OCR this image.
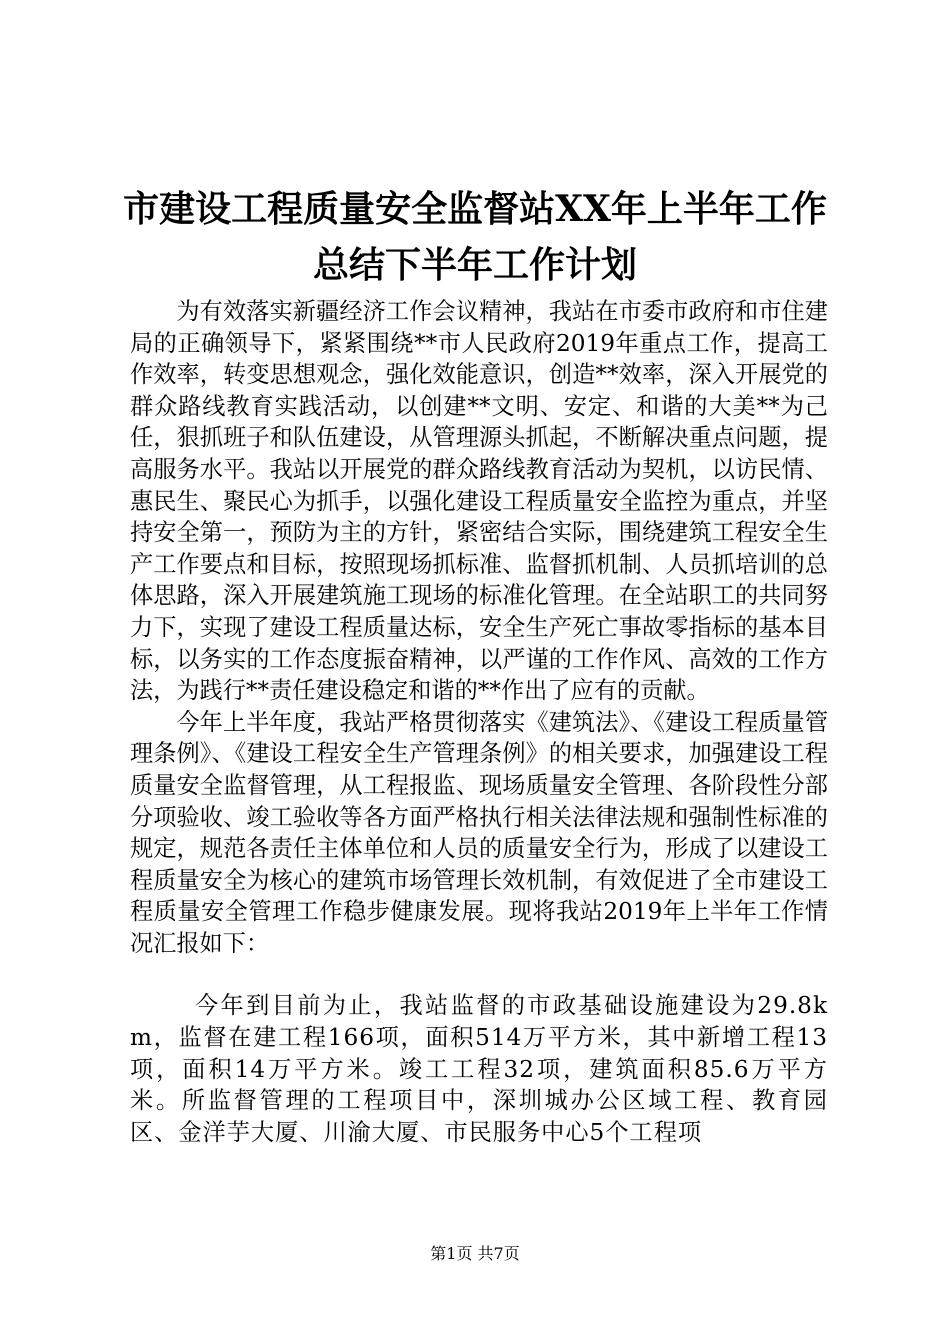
市建设工程质量安全监督站XX年上半年工作
总结下半年工作计划

为有效落实新疆经济工作会议精神，我站在市委市政府和市住建局的正确领导下，紧紧围绕**市人民政府2019年重点工作，提高工作效率，转变思想观念，强化效能意识，创造**效率，深入开展党的群众路线教育实践活动，以创建**文明、安定、和谐的大美**为己任，狠抓班子和队伍建设，从管理源头抓起，不断解决重点问题，提高服务水平。我站以开展党的群众路线教育活动为契机，以访民情、惠民生、聚民心为抓手，以强化建设工程质量安全监控为重点，并坚持安全第一，预防为主的方针，紧密结合实际，围绕建筑工程安全生产工作要点和目标，按照现场抓标准、监督抓机制、人员抓培训的总体思路，深入开展建筑施工现场的标准化管理。在全站职工的共同努力下，实现了建设工程质量达标，安全生产死亡事故零指标的基本目标，以务实的工作态度振奋精神，以严谨的工作作风、高效的工作方法，为践行**责任建设稳定和谐的**作出了应有的贡献。

今年上半年度，我站严格贯彻落实《建筑法》、《建设工程质量管理条例》、《建设工程安全生产管理条例》的相关要求，加强建设工程质量安全监督管理，从工程报监、现场质量安全管理、各阶段性分部分项验收、竣工验收等各方面严格执行相关法律法规和强制性标准的规定，规范各责任主体单位和人员的质量安全行为，形成了以建设工程质量安全为核心的建筑市场管理长效机制，有效促进了全市建设工程质量安全管理工作稳步健康发展。现将我站2019年上半年工作情况汇报如下：

今年到目前为止，我站监督的市政基础设施建设为29.8km，监督在建工程166项，面积514万平方米，其中新增工程13项，面积14万平方米。竣工工程32项，建筑面积85.6万平方米。所监督管理的工程项目中，深圳城办公区域工程、教育园区、金洋芋大厦、川渝大厦、市民服务中心5个工程项

第1页 共7页
